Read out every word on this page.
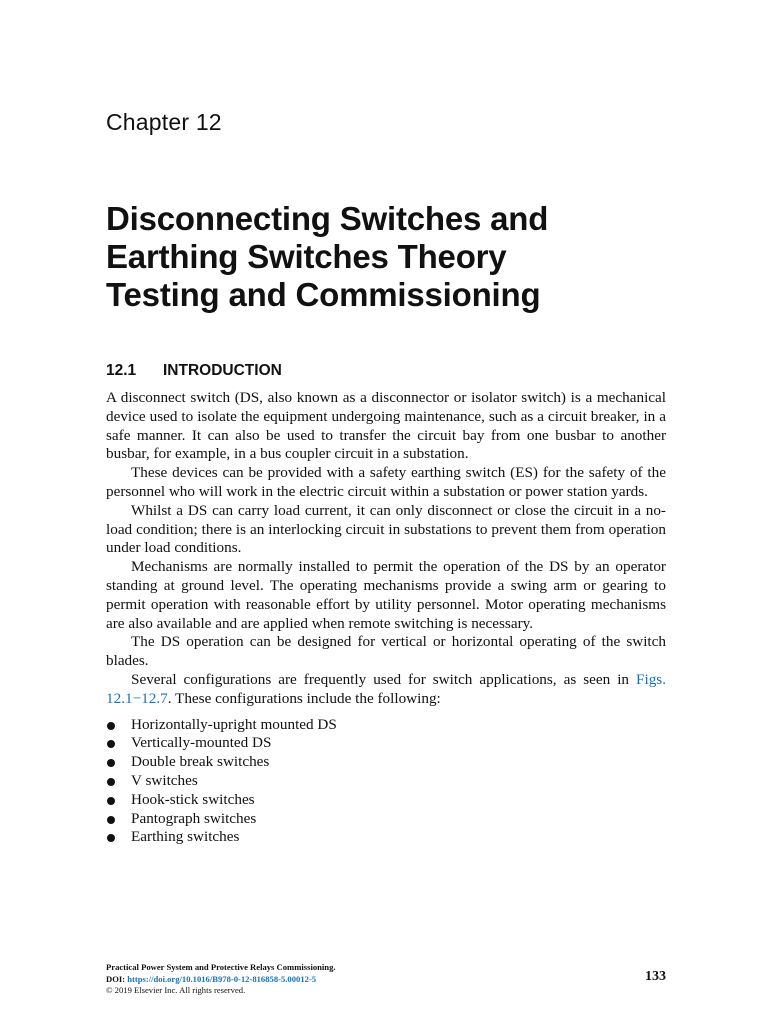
Chapter 12
Disconnecting Switches and
Earthing Switches Theory
Testing and Commissioning
12.1 INTRODUCTION

A disconnect switch (DS, also known as a disconnector or isolator switch) is a mechanical device used to isolate the equipment undergoing maintenance, such as a circuit breaker, in a safe manner. It can also be used to transfer the circuit bay from one busbar to another busbar, for example, in a bus coupler circuit in a substation.

These devices can be provided with a safety earthing switch (ES) for the safety of the personnel who will work in the electric circuit within a substation or power station yards.

Whilst a DS can carry load current, it can only disconnect or close the circuit in a no-load condition; there is an interlocking circuit in substations to prevent them from operation under load conditions.

Mechanisms are normally installed to permit the operation of the DS by an operator standing at ground level. The operating mechanisms provide a swing arm or gearing to permit operation with reasonable effort by utility personnel. Motor operating mechanisms are also available and are applied when remote switching is necessary.

The DS operation can be designed for vertical or horizontal operating of the switch blades.

Several configurations are frequently used for switch applications, as seen in Figs. 12.1−12.7. These configurations include the following:

Horizontally-upright mounted DS
Vertically-mounted DS
Double break switches
V switches
Hook-stick switches
Pantograph switches
Earthing switches
Practical Power System and Protective Relays Commissioning.
DOI: https://doi.org/10.1016/B978-0-12-816858-5.00012-5
© 2019 Elsevier Inc. All rights reserved.
133
